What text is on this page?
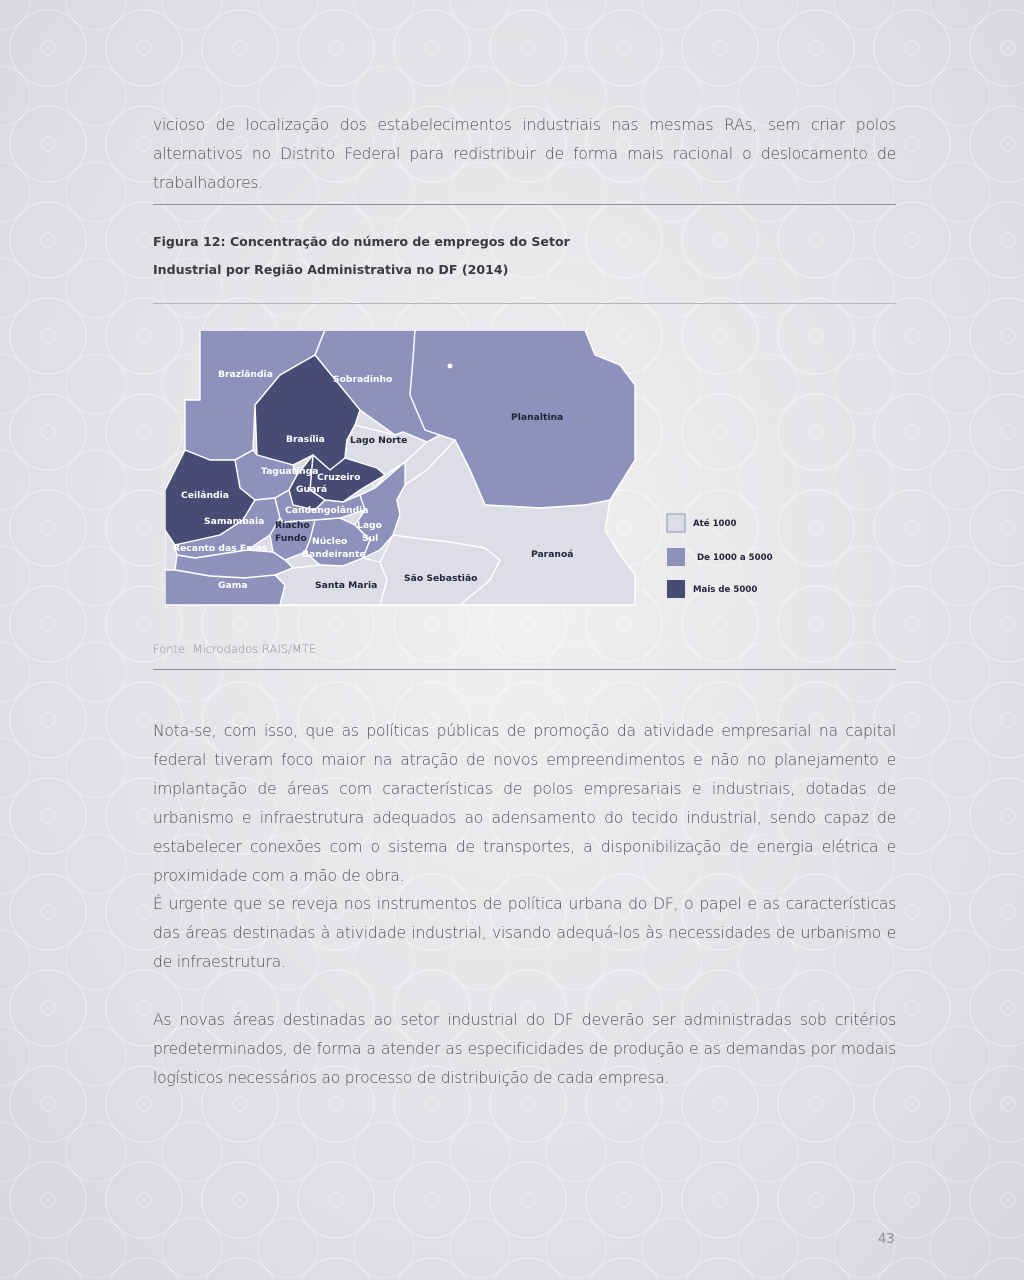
vicioso de localização dos estabelecimentos industriais nas mesmas RAs, sem criar polos alternativos no Distrito Federal para redistribuir de forma mais racional o deslocamento de trabalhadores.

Figura 12: Concentração do número de empregos do Setor
Industrial por Região Administrativa no DF (2014)

Fonte: Microdados RAIS/MTE

Nota-se, com isso, que as políticas públicas de promoção da atividade empresarial na capital federal tiveram foco maior na atração de novos empreendimentos e não no planejamento e implantação de áreas com características de polos empresariais e industriais, dotadas de urbanismo e infraestrutura adequados ao adensamento do tecido industrial, sendo capaz de estabelecer conexões com o sistema de transportes, a disponibilização de energia elétrica e proximidade com a mão de obra.

É urgente que se reveja nos instrumentos de política urbana do DF, o papel e as características das áreas destinadas à atividade industrial, visando adequá-los às necessidades de urbanismo e de infraestrutura.

As novas áreas destinadas ao setor industrial do DF deverão ser administradas sob critérios predeterminados, de forma a atender as especificidades de produção e as demandas por modais logísticos necessários ao processo de distribuição de cada empresa.

Brazlândia	Sobradinho
Brasília
Taguatinga
Cruzeiro
Guará
Ceilândia
Candangolândia
Samambaia
Núcleo
Bandeirante
Lago
Sul
Recanto das Emas
Gama
Planaltina
Lago Norte
Riacho
Fundo
Paranoá
Santa Maria
São Sebastião
Até 1000
De 1000 a 5000
Mais de 5000
43
